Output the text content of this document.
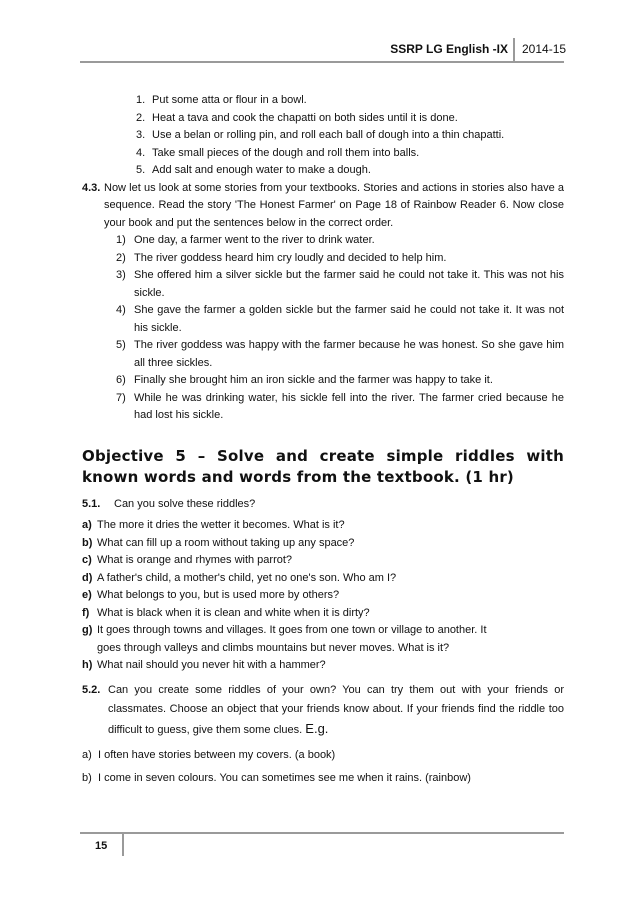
SSRP LG English -IX 2014-15
1. Put some atta or flour in a bowl.
2. Heat a tava and cook the chapatti on both sides until it is done.
3. Use a belan or rolling pin, and roll each ball of dough into a thin chapatti.
4. Take small pieces of the dough and roll them into balls.
5. Add salt and enough water to make a dough.
4.3. Now let us look at some stories from your textbooks. Stories and actions in stories also have a sequence. Read the story 'The Honest Farmer' on Page 18 of Rainbow Reader 6. Now close your book and put the sentences below in the correct order.
1) One day, a farmer went to the river to drink water.
2) The river goddess heard him cry loudly and decided to help him.
3) She offered him a silver sickle but the farmer said he could not take it. This was not his sickle.
4) She gave the farmer a golden sickle but the farmer said he could not take it. It was not his sickle.
5) The river goddess was happy with the farmer because he was honest. So she gave him all three sickles.
6) Finally she brought him an iron sickle and the farmer was happy to take it.
7) While he was drinking water, his sickle fell into the river. The farmer cried because he had lost his sickle.
Objective 5 – Solve and create simple riddles with known words and words from the textbook. (1 hr)
5.1.	Can you solve these riddles?
a) The more it dries the wetter it becomes. What is it?
b) What can fill up a room without taking up any space?
c) What is orange and rhymes with parrot?
d) A father's child, a mother's child, yet no one's son. Who am I?
e) What belongs to you, but is used more by others?
f) What is black when it is clean and white when it is dirty?
g) It goes through towns and villages. It goes from one town or village to another. It
goes through valleys and climbs mountains but never moves. What is it?
h) What nail should you never hit with a hammer?
5.2. Can you create some riddles of your own? You can try them out with your friends or classmates. Choose an object that your friends know about. If your friends find the riddle too difficult to guess, give them some clues. E.g.
a) I often have stories between my covers. (a book)
b) I come in seven colours. You can sometimes see me when it rains. (rainbow)
15
